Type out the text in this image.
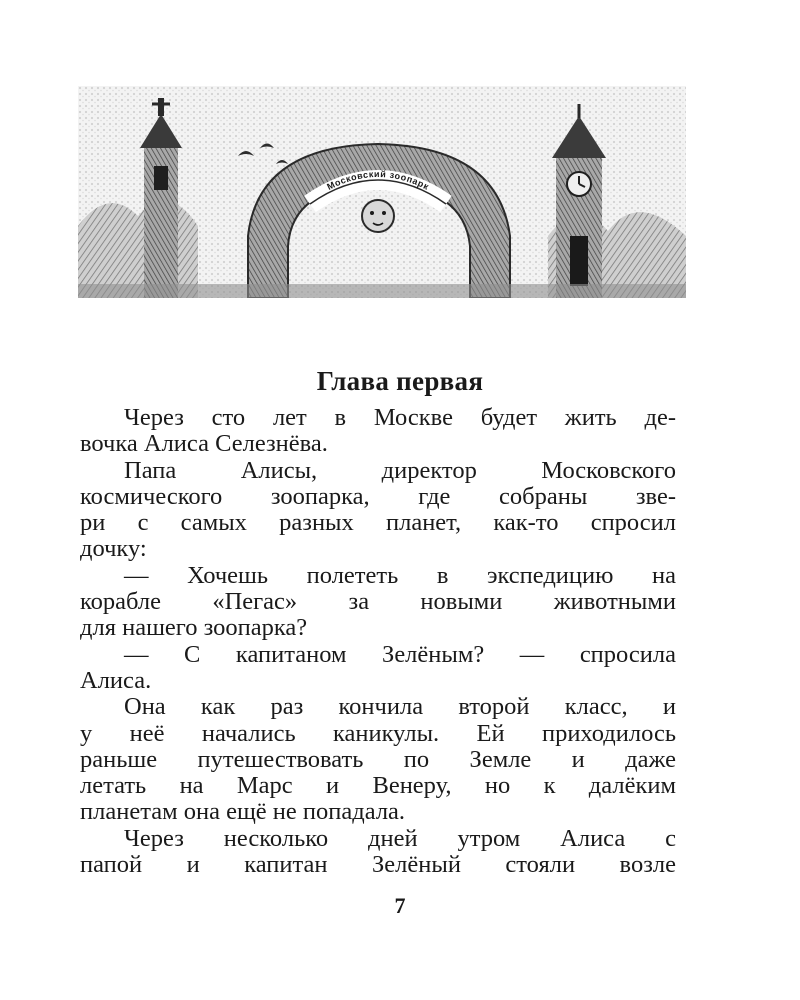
Московский зоопарк
Глава первая
Через сто лет в Москве будет жить де-
вочка Алиса Селезнёва.
Папа Алисы, директор Московского
космического зоопарка, где собраны зве-
ри с самых разных планет, как-то спросил
дочку:
— Хочешь полететь в экспедицию на
корабле «Пегас» за новыми животными
для нашего зоопарка?
— С капитаном Зелёным? — спросила
Алиса.
Она как раз кончила второй класс, и
у неё начались каникулы. Ей приходилось
раньше путешествовать по Земле и даже
летать на Марс и Венеру, но к далёким
планетам она ещё не попадала.
Через несколько дней утром Алиса с
папой и капитан Зелёный стояли возле
7
